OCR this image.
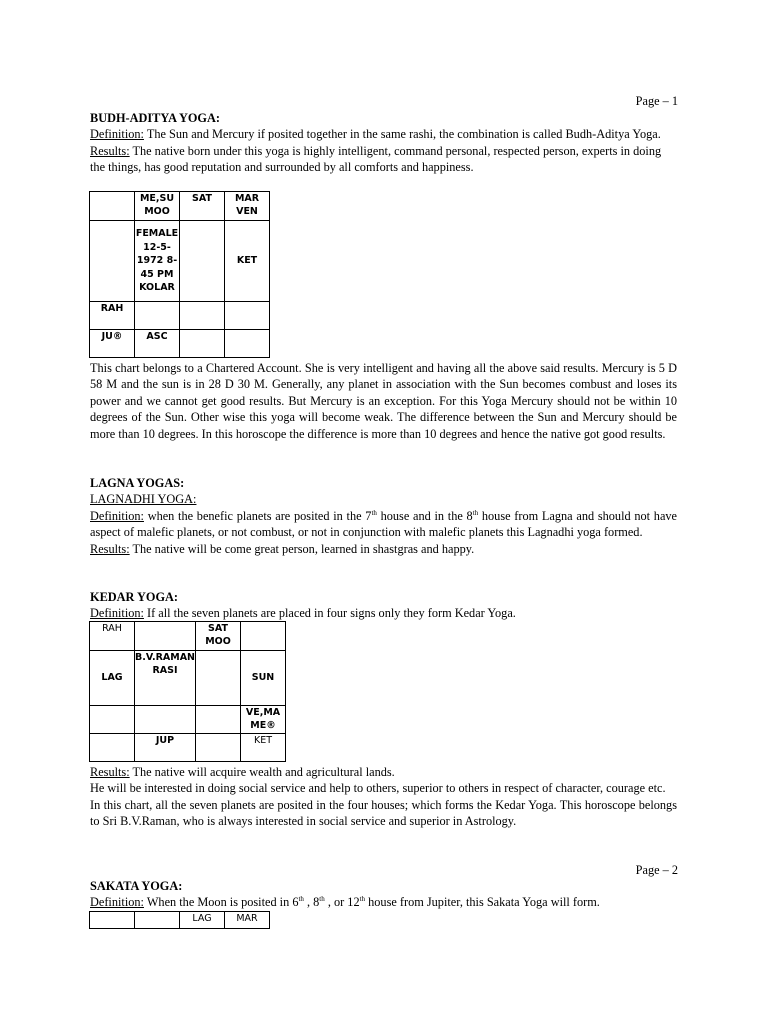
Page – 1

BUDH-ADITYA YOGA:

Definition: The Sun and Mercury if posited together in the same rashi, the combination is called Budh-Aditya Yoga.

Results: The native born under this yoga is highly intelligent, command personal, respected person, experts in doing the things, has good reputation and surrounded by all comforts and happiness.

	ME,SU MOO	SAT	MAR VEN
	FEMALE 12-5-1972 8-45 PM KOLAR		KET
RAH			
JU®	ASC		
This chart belongs to a Chartered Account. She is very intelligent and having all the above said results. Mercury is 5 D 58 M and the sun is in 28 D 30 M. Generally, any planet in association with the Sun becomes combust and loses its power and we cannot get good results. But Mercury is an exception. For this Yoga Mercury should not be within 10 degrees of the Sun. Other wise this yoga will become weak. The difference between the Sun and Mercury should be more than 10 degrees. In this horoscope the difference is more than 10 degrees and hence the native got good results.

LAGNA YOGAS:

LAGNADHI YOGA:

Definition: when the benefic planets are posited in the 7th house and in the 8th house from Lagna and should not have aspect of malefic planets, or not combust, or not in conjunction with malefic planets this Lagnadhi yoga formed.

Results: The native will be come great person, learned in shastgras and happy.

KEDAR YOGA:

Definition: If all the seven planets are placed in four signs only they form Kedar Yoga.

RAH		SAT MOO	
LAG	B.V.RAMAN RASI		SUN
			VE,MA ME®
	JUP		KET

Results: The native will acquire wealth and agricultural lands.

He will be interested in doing social service and help to others, superior to others in respect of character, courage etc.

In this chart, all the seven planets are posited in the four houses; which forms the Kedar Yoga. This horoscope belongs to Sri B.V.Raman, who is always interested in social service and superior in Astrology.

Page – 2

SAKATA YOGA:

Definition: When the Moon is posited in 6th , 8th , or 12th house from Jupiter, this Sakata Yoga will form.

		LAG	MAR
